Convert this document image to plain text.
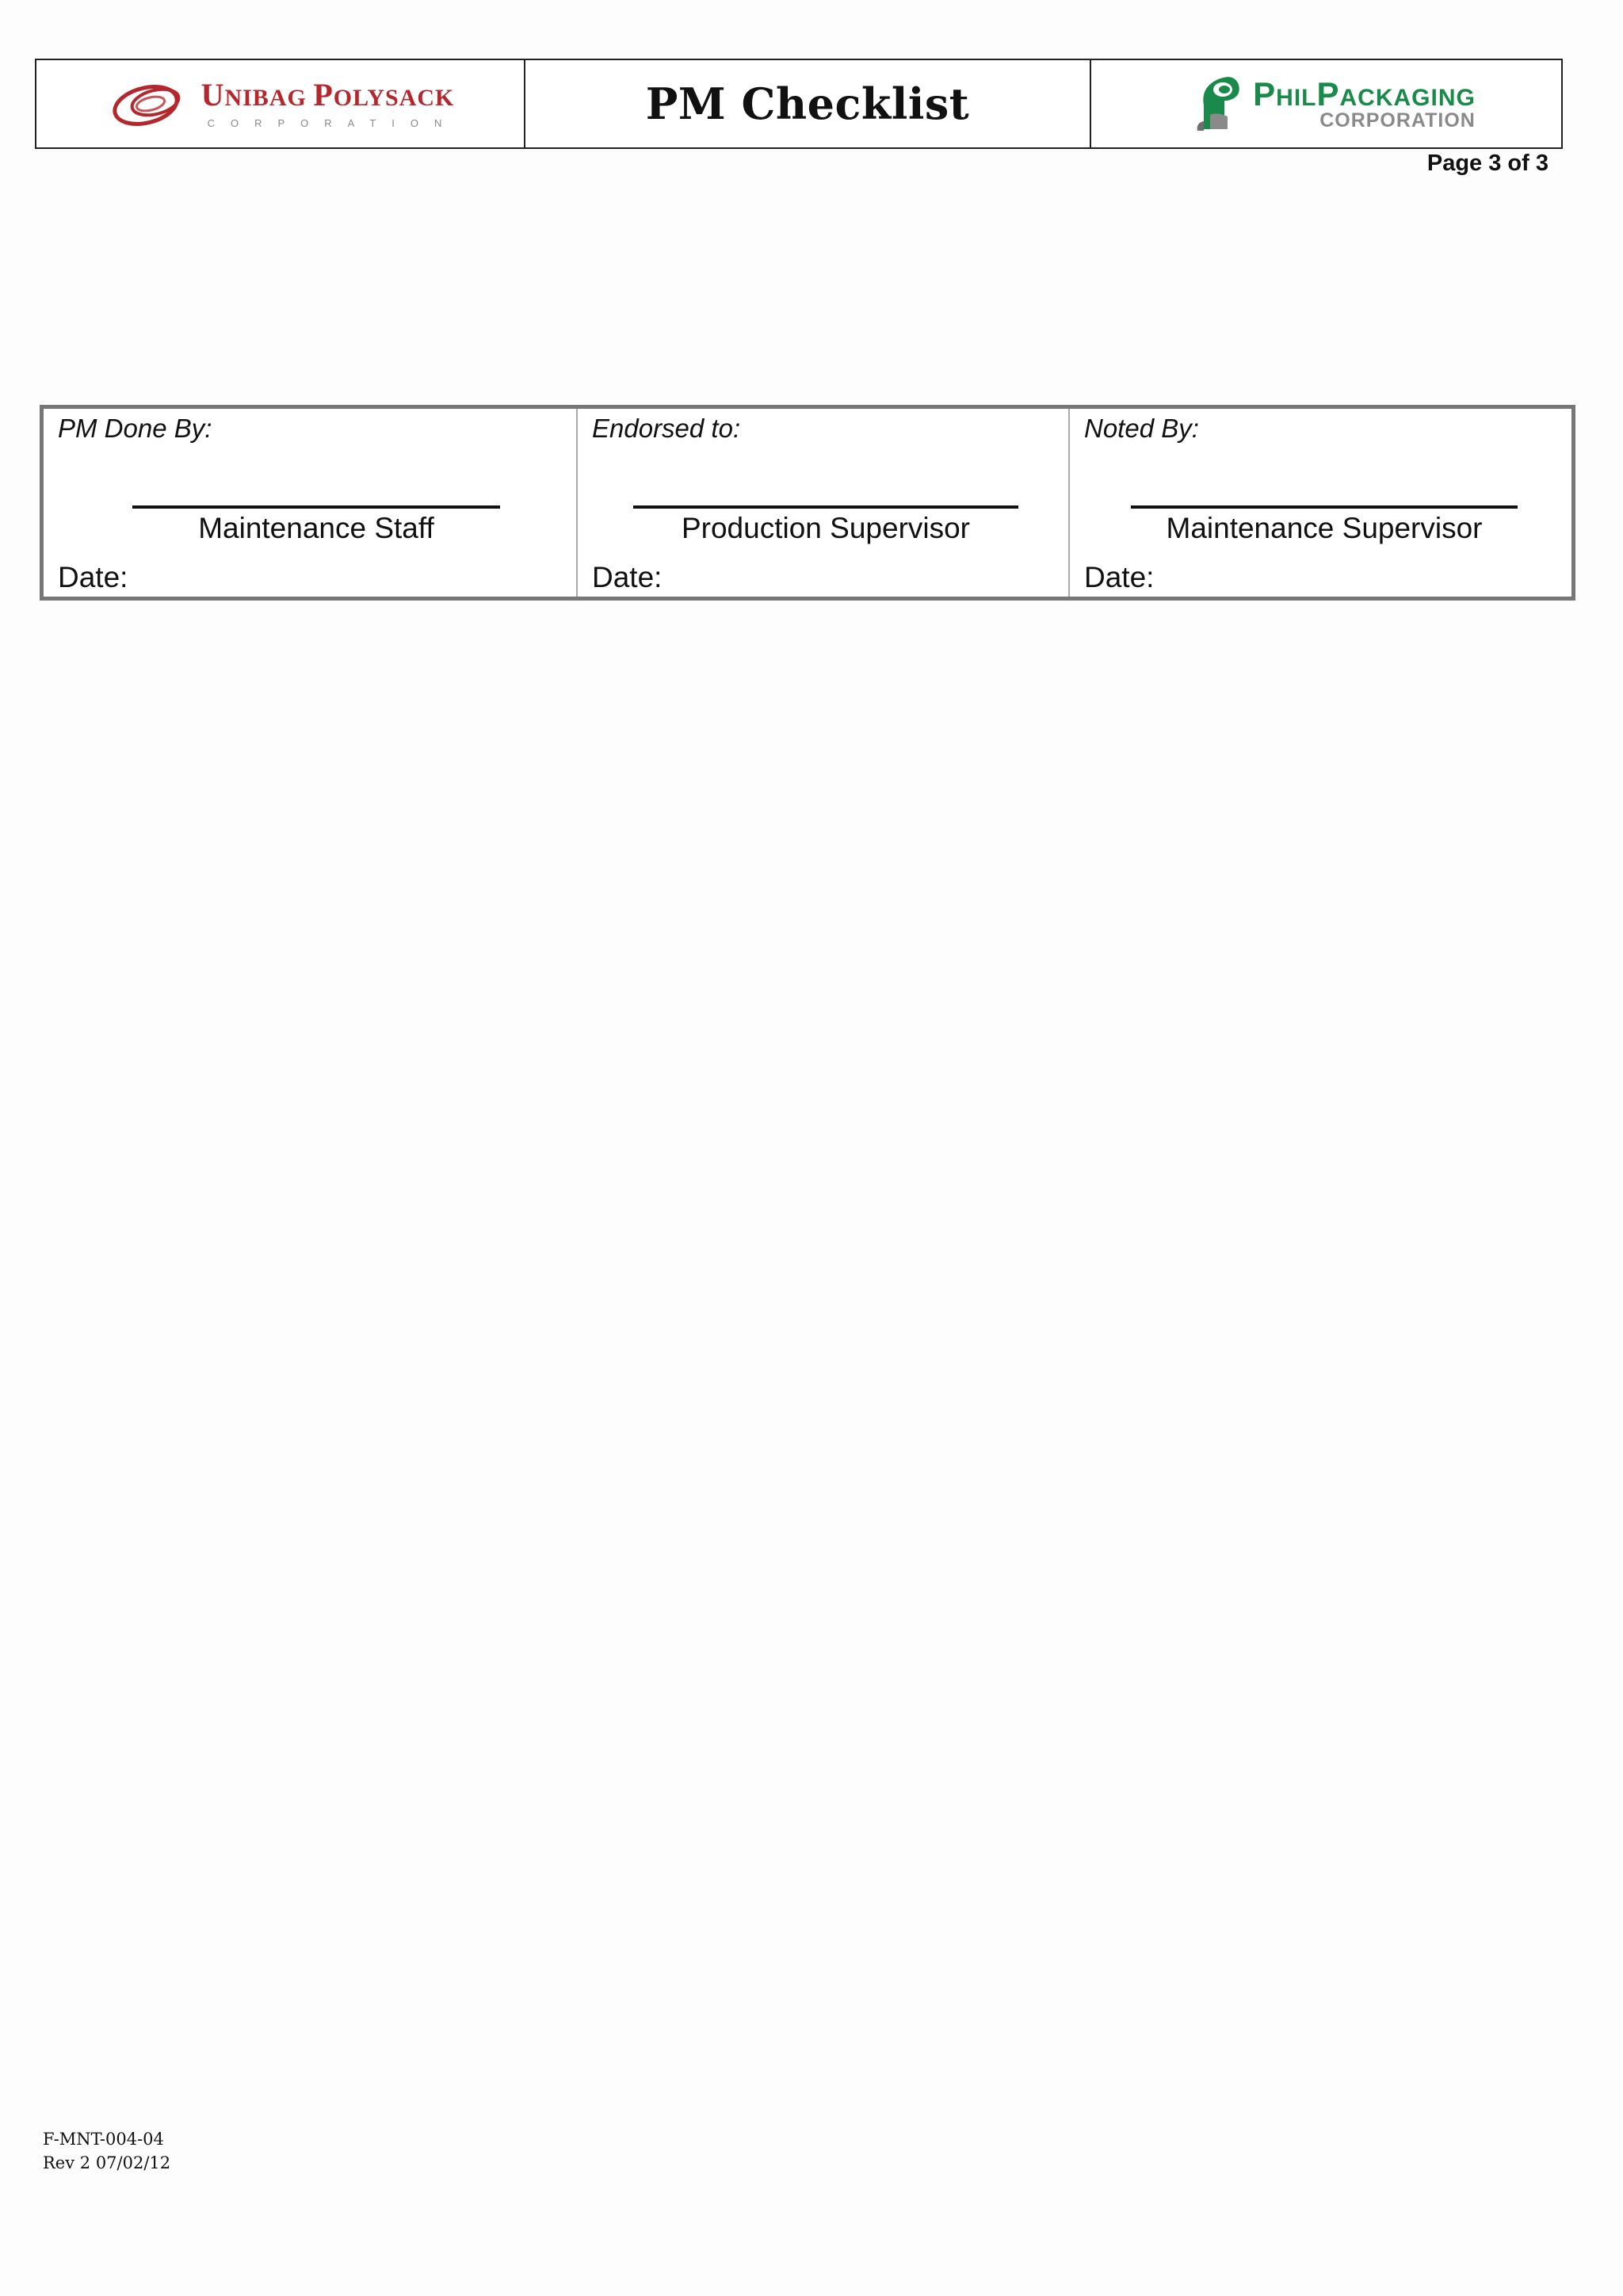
UNIBAG POLYSACK
CORPORATION	PM Checklist	PHILPACKAGING
CORPORATION
Page 3 of 3
PM Done By:
Maintenance Staff
Date:
Endorsed to:
Production Supervisor
Date:
Noted By:
Maintenance Supervisor
Date:
F-MNT-004-04
Rev 2 07/02/12
